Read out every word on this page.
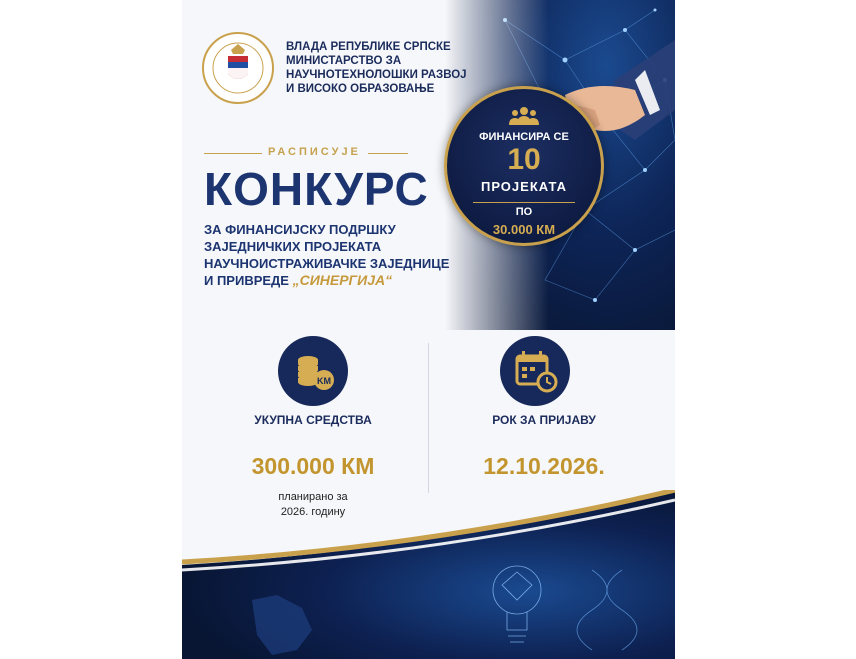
ВЛАДА РЕПУБЛИКЕ СРПСКЕ
МИНИСТАРСТВО ЗА
НАУЧНОТЕХНОЛОШКИ РАЗВОЈ
И ВИСОКО ОБРАЗОВАЊЕ
РАСПИСУЈЕ
КОНКУРС
ЗА ФИНАНСИЈСКУ ПОДРШКУ
ЗАЈЕДНИЧКИХ ПРОЈЕКАТА
НАУЧНОИСТРАЖИВАЧКЕ ЗАЈЕДНИЦЕ
И ПРИВРЕДЕ „СИНЕРГИЈА“
ФИНАНСИРА СЕ
10
ПРОЈЕКАТА
ПО
30.000 КМ
KM
УКУПНА СРЕДСТВА
300.000 КМ
планирано за
2026. годину
РОК ЗА ПРИЈАВУ
12.10.2026.
